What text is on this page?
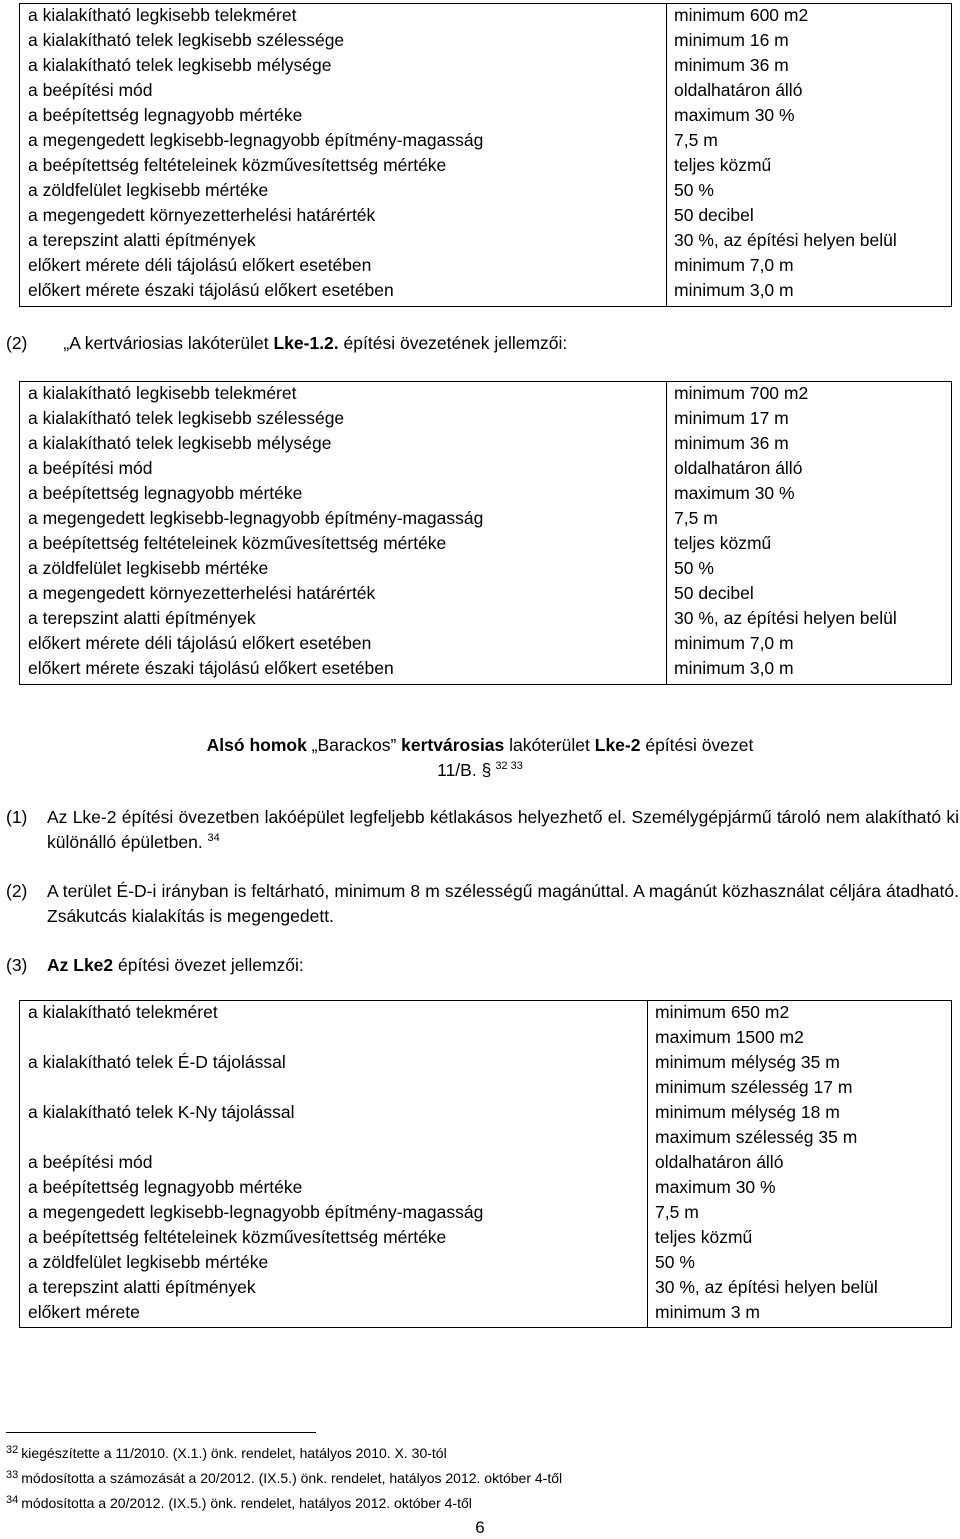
a kialakítható legkisebb telekméret	minimum 600 m2
a kialakítható telek legkisebb szélessége	minimum 16 m
a kialakítható telek legkisebb mélysége	minimum 36 m
a beépítési mód	oldalhatáron álló
a beépítettség legnagyobb mértéke	maximum 30 %
a megengedett legkisebb-legnagyobb építmény-magasság	7,5 m
a beépítettség feltételeinek közművesítettség mértéke	teljes közmű
a zöldfelület legkisebb mértéke	50 %
a megengedett környezetterhelési határérték	50 decibel
a terepszint alatti építmények	30 %, az építési helyen belül
előkert mérete déli tájolású előkert esetében	minimum 7,0 m
előkert mérete északi tájolású előkert esetében	minimum 3,0 m
(2) „A kertváriosias lakóterület Lke-1.2. építési övezetének jellemzői:
a kialakítható legkisebb telekméret	minimum 700 m2
a kialakítható telek legkisebb szélessége	minimum 17 m
a kialakítható telek legkisebb mélysége	minimum 36 m
a beépítési mód	oldalhatáron álló
a beépítettség legnagyobb mértéke	maximum 30 %
a megengedett legkisebb-legnagyobb építmény-magasság	7,5 m
a beépítettség feltételeinek közművesítettség mértéke	teljes közmű
a zöldfelület legkisebb mértéke	50 %
a megengedett környezetterhelési határérték	50 decibel
a terepszint alatti építmények	30 %, az építési helyen belül
előkert mérete déli tájolású előkert esetében	minimum 7,0 m
előkert mérete északi tájolású előkert esetében	minimum 3,0 m
Alsó homok „Barackos” kertvárosias lakóterület Lke-2 építési övezet
11/B. § $^{32 33}$
(1) Az Lke-2 építési övezetben lakóépület legfeljebb kétlakásos helyezhető el. Személygépjármű tároló nem alakítható ki különálló épületben. $^{34}$
(2) A terület É-D-i irányban is feltárható, minimum 8 m szélességű magánúttal. A magánút közhasználat céljára átadható. Zsákutcás kialakítás is megengedett.
(3) Az Lke2 építési övezet jellemzői:
a kialakítható telekméret	minimum 650 m2
maximum 1500 m2
a kialakítható telek É-D tájolással	minimum mélység 35 m
minimum szélesség 17 m
a kialakítható telek K-Ny tájolással	minimum mélység 18 m
maximum szélesség 35 m
a beépítési mód	oldalhatáron álló
a beépítettség legnagyobb mértéke	maximum 30 %
a megengedett legkisebb-legnagyobb építmény-magasság	7,5 m
a beépítettség feltételeinek közművesítettség mértéke	teljes közmű
a zöldfelület legkisebb mértéke	50 %
a terepszint alatti építmények	30 %, az építési helyen belül
előkert mérete	minimum 3 m
$^{32}$ kiegészítette a 11/2010. (X.1.) önk. rendelet, hatályos 2010. X. 30-tól
$^{33}$ módosította a számozását a 20/2012. (IX.5.) önk. rendelet, hatályos 2012. október 4-től
$^{34}$ módosította a 20/2012. (IX.5.) önk. rendelet, hatályos 2012. október 4-től
6
